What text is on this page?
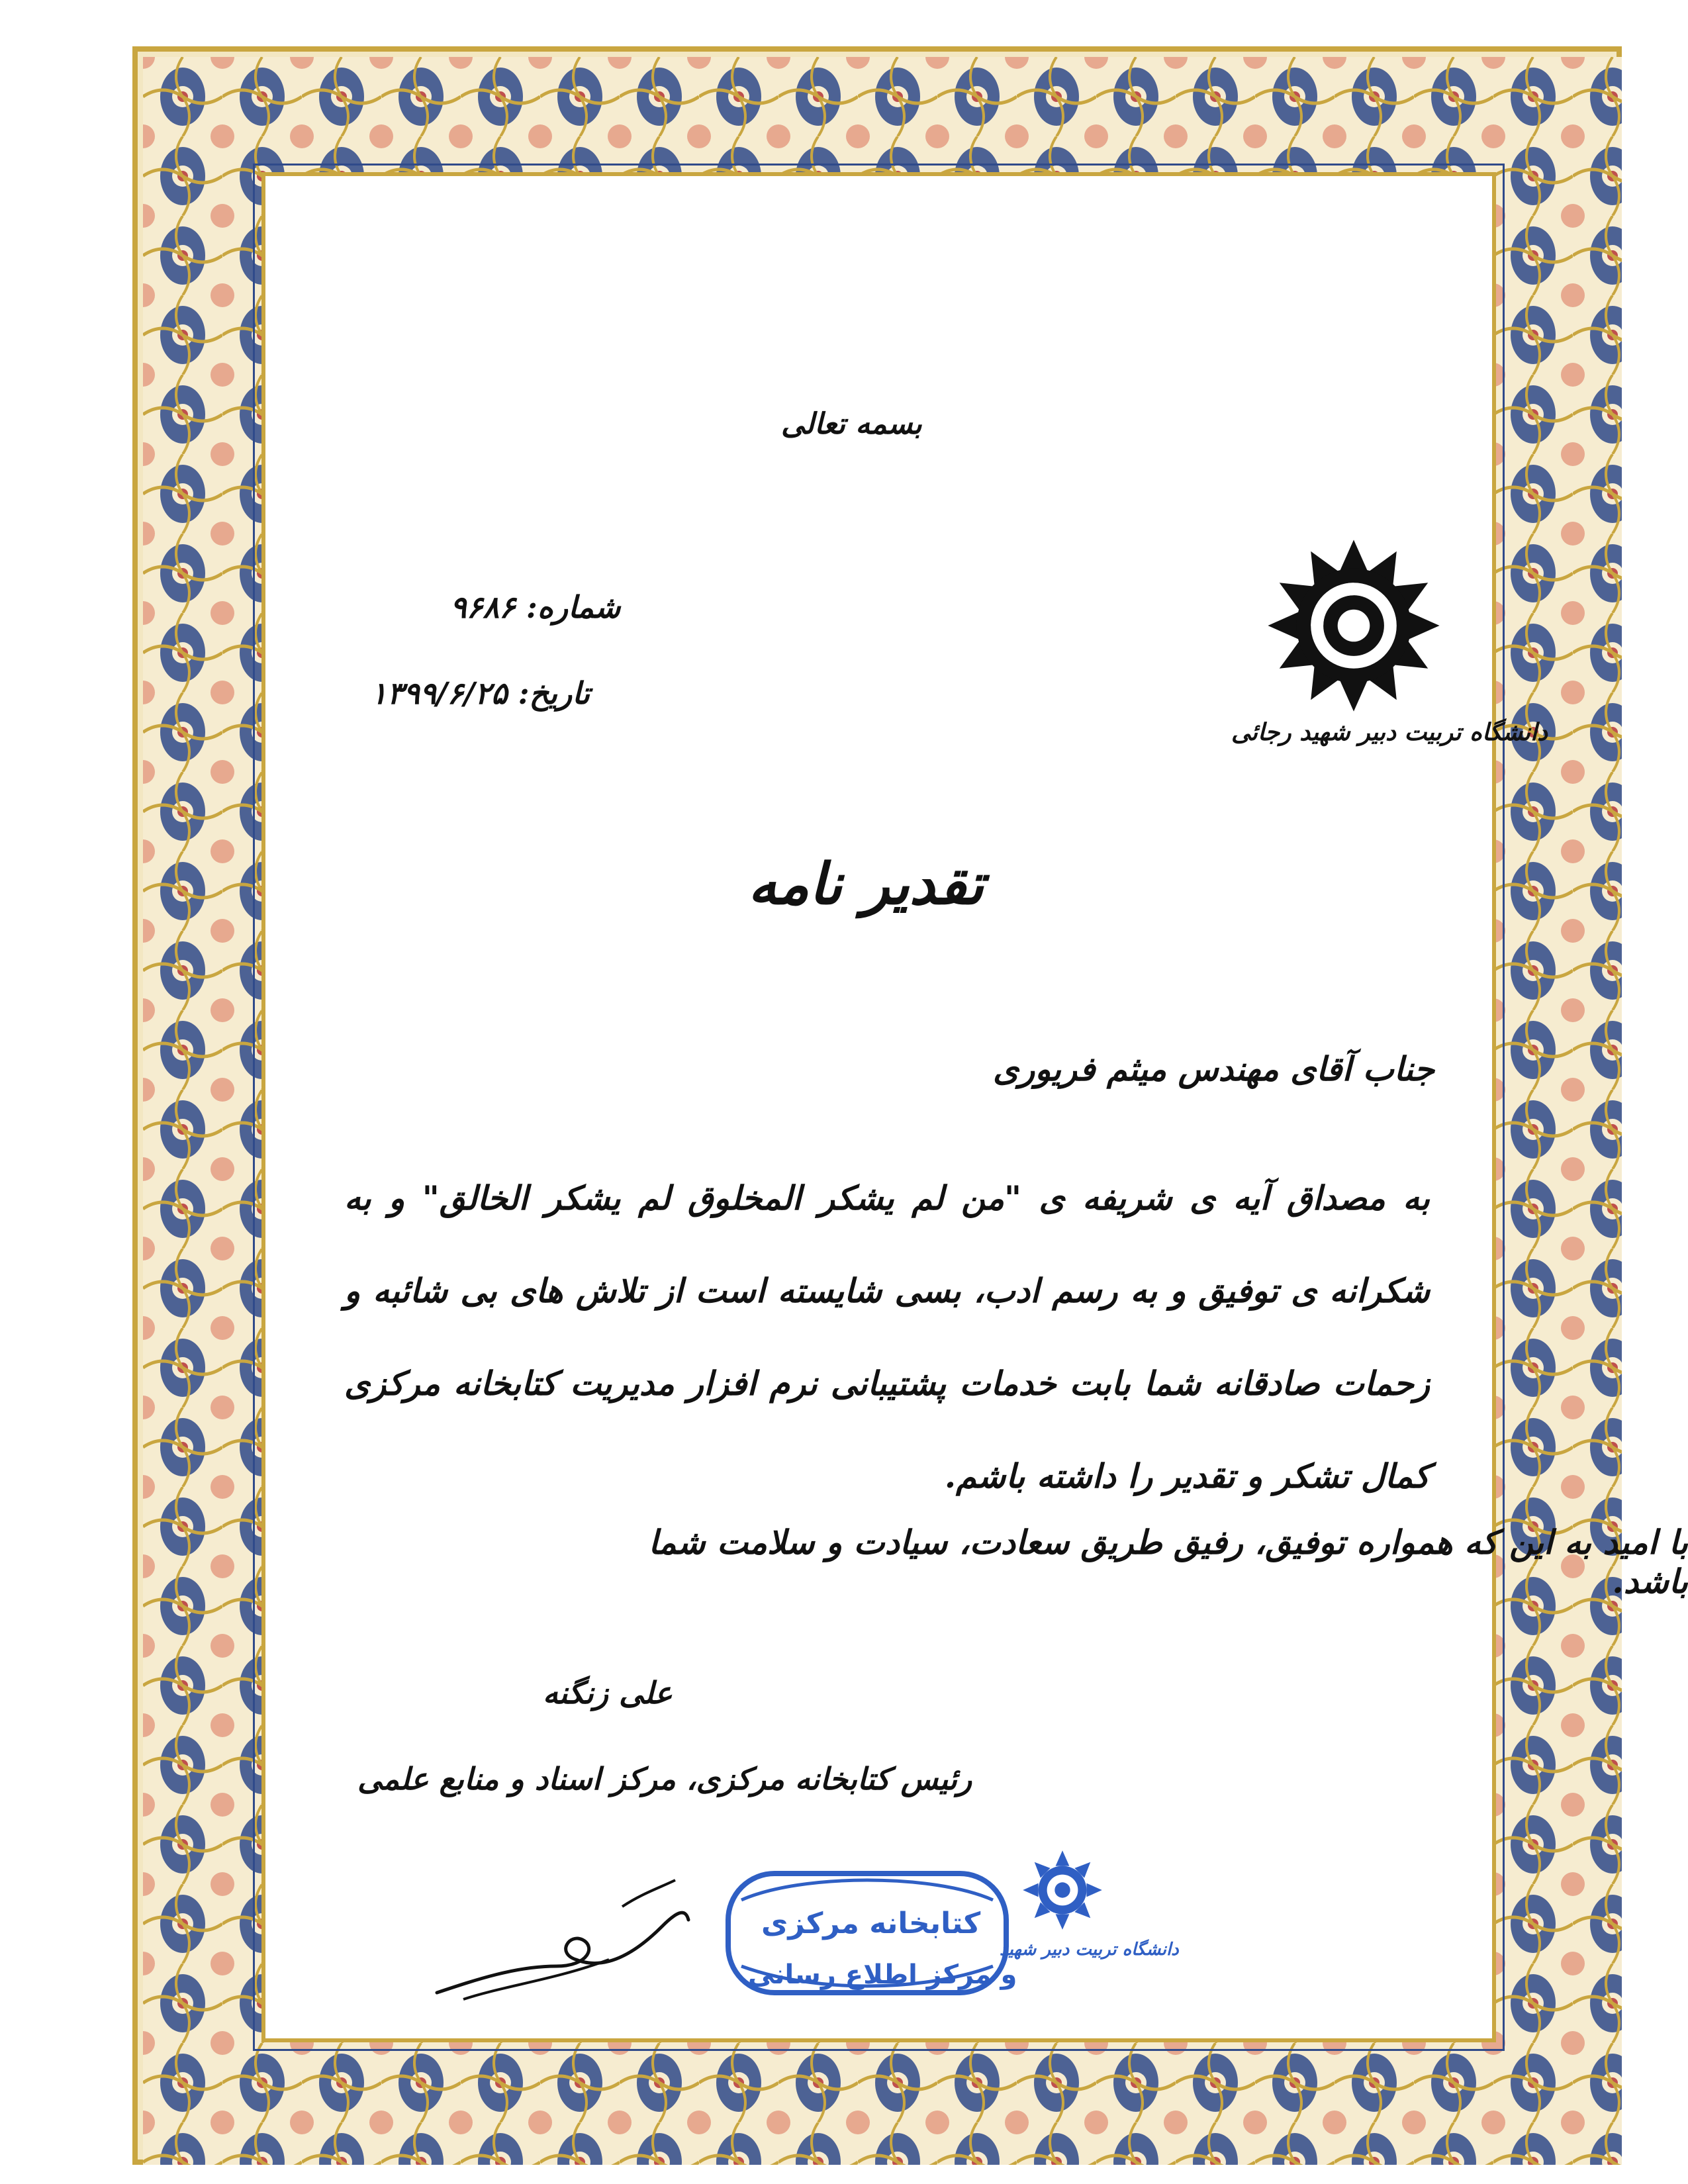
بسمه تعالی
شماره: ۹۶۸۶
تاریخ: ۱۳۹۹/۶/۲۵
دانشگاه تربیت دبیر شهید رجائی
تقدیر نامه
جناب آقای مهندس میثم فریوری
به مصداق آیه ی شریفه ی "من لم یشکر المخلوق لم یشکر الخالق" و به شکرانه ی توفیق و به رسم ادب، بسی شایسته است از تلاش های بی شائبه و زحمات صادقانه شما بابت خدمات پشتیبانی نرم افزار مدیریت کتابخانه مرکزی کمال تشکر و تقدیر را داشته باشم.
با امید به این که همواره توفیق، رفیق طریق سعادت، سیادت و سلامت شما باشد.
علی زنگنه
رئیس کتابخانه مرکزی، مرکز اسناد و منابع علمی
کتابخانه مرکزی
و مرکز اطلاع رسانی
دانشگاه تربیت دبیر شهید
